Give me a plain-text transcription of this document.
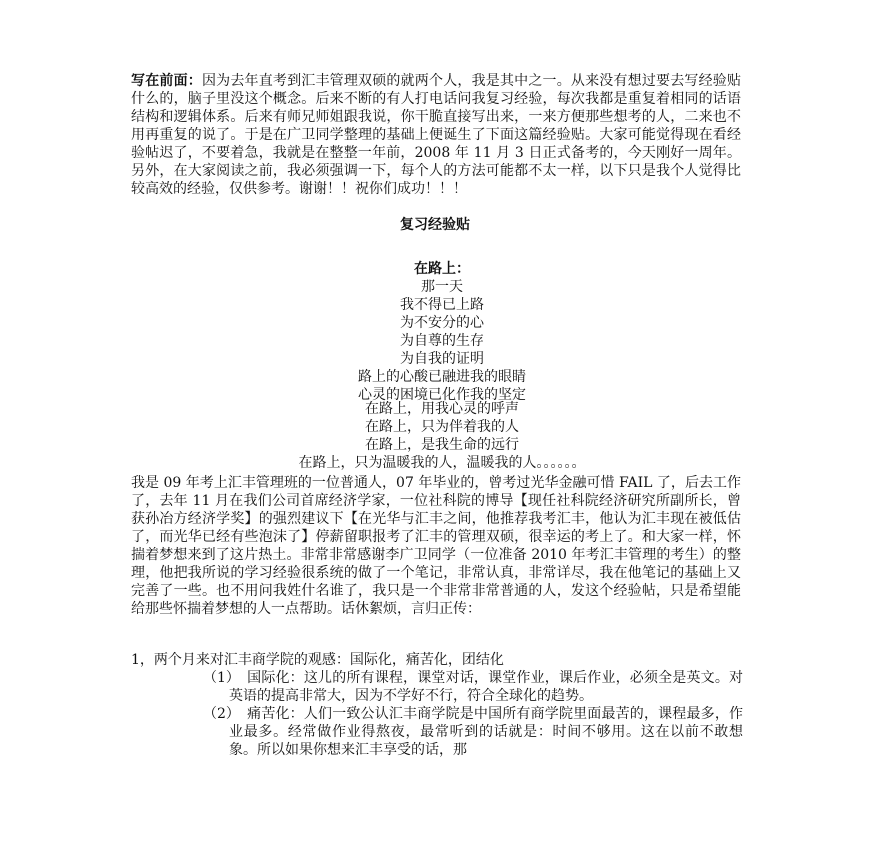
写在前面：因为去年直考到汇丰管理双硕的就两个人，我是其中之一。从来没有想过要去写经验贴什么的，脑子里没这个概念。后来不断的有人打电话问我复习经验，每次我都是重复着相同的话语结构和逻辑体系。后来有师兄师姐跟我说，你干脆直接写出来，一来方便那些想考的人，二来也不用再重复的说了。于是在广卫同学整理的基础上便诞生了下面这篇经验贴。大家可能觉得现在看经验帖迟了，不要着急，我就是在整整一年前，2008 年 11 月 3 日正式备考的，今天刚好一周年。另外，在大家阅读之前，我必须强调一下，每个人的方法可能都不太一样，以下只是我个人觉得比较高效的经验，仅供参考。谢谢！！祝你们成功！！！
复习经验贴
在路上：
那一天
我不得已上路
为不安分的心
为自尊的生存
为自我的证明
路上的心酸已融进我的眼睛
心灵的困境已化作我的坚定
在路上，用我心灵的呼声
在路上，只为伴着我的人
在路上，是我生命的远行
在路上，只为温暖我的人，温暖我的人。。。。。。
我是 09 年考上汇丰管理班的一位普通人，07 年毕业的，曾考过光华金融可惜 FAIL 了，后去工作了，去年 11 月在我们公司首席经济学家，一位社科院的博导【现任社科院经济研究所副所长，曾获孙冶方经济学奖】的强烈建议下【在光华与汇丰之间，他推荐我考汇丰，他认为汇丰现在被低估了，而光华已经有些泡沫了】停薪留职报考了汇丰的管理双硕，很幸运的考上了。和大家一样，怀揣着梦想来到了这片热土。非常非常感谢李广卫同学（一位准备 2010 年考汇丰管理的考生）的整理，他把我所说的学习经验很系统的做了一个笔记，非常认真，非常详尽，我在他笔记的基础上又完善了一些。也不用问我姓什名谁了，我只是一个非常非常普通的人，发这个经验帖，只是希望能给那些怀揣着梦想的人一点帮助。话休絮烦，言归正传：
1，两个月来对汇丰商学院的观感：国际化，痛苦化，团结化
（1） 国际化：这儿的所有课程，课堂对话，课堂作业，课后作业，必须全是英文。对英语的提高非常大，因为不学好不行，符合全球化的趋势。
（2） 痛苦化：人们一致公认汇丰商学院是中国所有商学院里面最苦的，课程最多，作业最多。经常做作业得熬夜，最常听到的话就是：时间不够用。这在以前不敢想象。所以如果你想来汇丰享受的话，那
